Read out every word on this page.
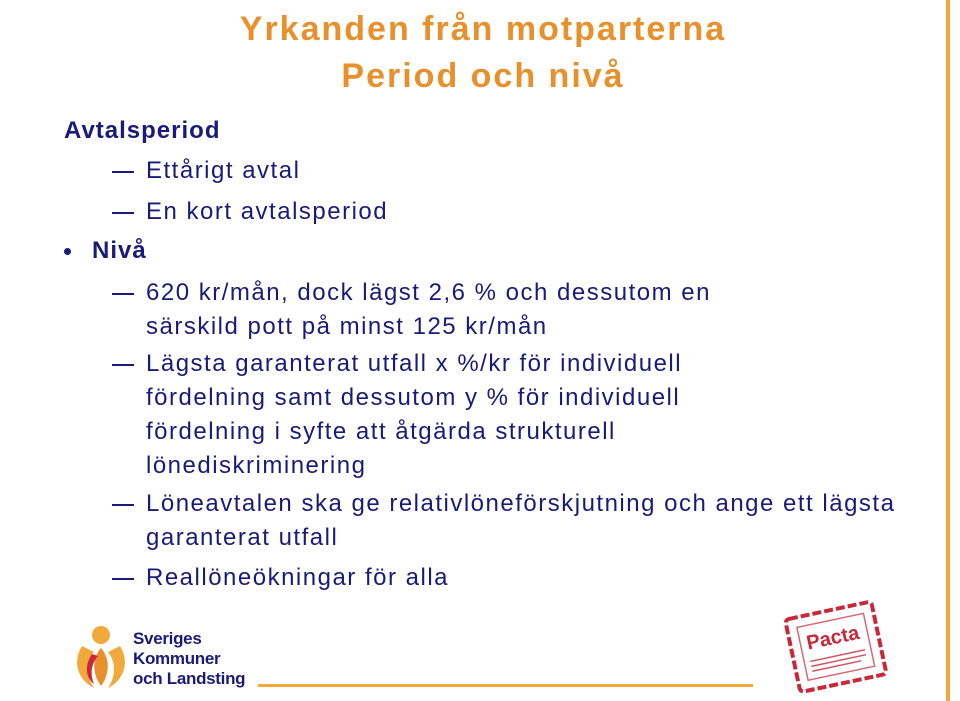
Yrkanden från motparterna
Period och nivå
Avtalsperiod
Ettårigt avtal
En kort avtalsperiod
Nivå
620 kr/mån, dock lägst 2,6 % och dessutom en särskild pott på minst 125 kr/mån
Lägsta garanterat utfall x %/kr för individuell fördelning samt dessutom y % för individuell fördelning i syfte att åtgärda strukturell lönediskriminering
Löneavtalen ska ge relativlöneförskjutning och ange ett lägsta garanterat utfall
Reallöneökningar för alla
Sveriges
Kommuner
och Landsting
Pacta
